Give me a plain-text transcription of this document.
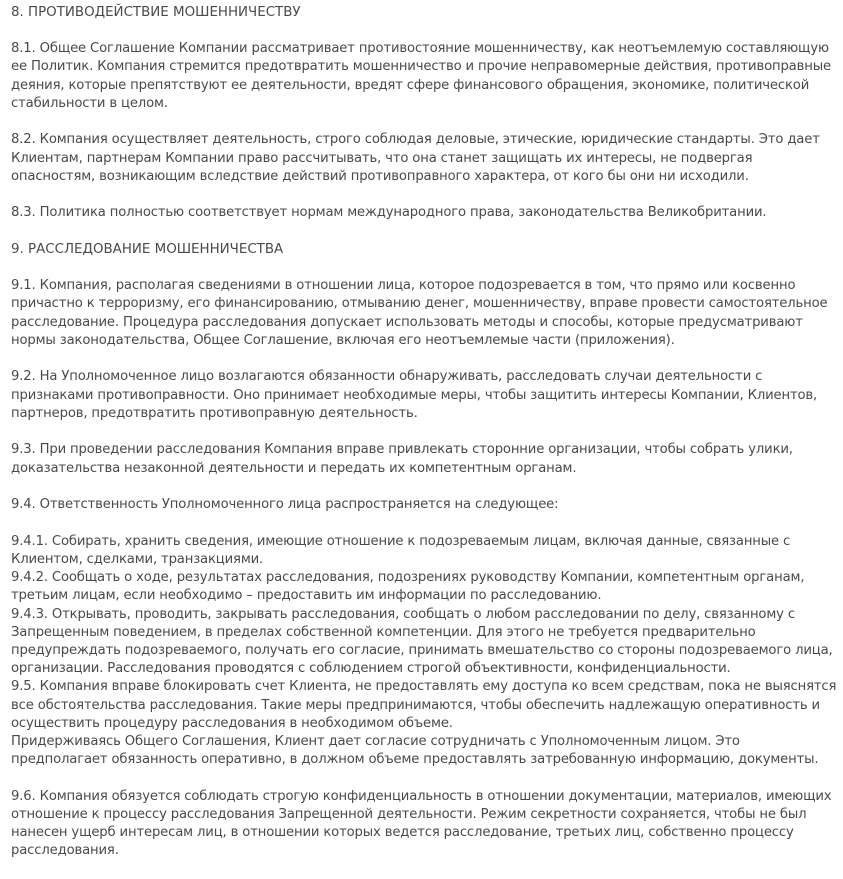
8. ПРОТИВОДЕЙСТВИЕ МОШЕННИЧЕСТВУ
8.1. Общее Соглашение Компании рассматривает противостояние мошенничеству, как неотъемлемую составляющую ее Политик. Компания стремится предотвратить мошенничество и прочие неправомерные действия, противоправные деяния, которые препятствуют ее деятельности, вредят сфере финансового обращения, экономике, политической стабильности в целом.
8.2. Компания осуществляет деятельность, строго соблюдая деловые, этические, юридические стандарты. Это дает Клиентам, партнерам Компании право рассчитывать, что она станет защищать их интересы, не подвергая опасностям, возникающим вследствие действий противоправного характера, от кого бы они ни исходили.
8.3. Политика полностью соответствует нормам международного права, законодательства Великобритании.
9. РАССЛЕДОВАНИЕ МОШЕННИЧЕСТВА
9.1. Компания, располагая сведениями в отношении лица, которое подозревается в том, что прямо или косвенно причастно к терроризму, его финансированию, отмыванию денег, мошенничеству, вправе провести самостоятельное расследование. Процедура расследования допускает использовать методы и способы, которые предусматривают нормы законодательства, Общее Соглашение, включая его неотъемлемые части (приложения).
9.2. На Уполномоченное лицо возлагаются обязанности обнаруживать, расследовать случаи деятельности с признаками противоправности. Оно принимает необходимые меры, чтобы защитить интересы Компании, Клиентов, партнеров, предотвратить противоправную деятельность.
9.3. При проведении расследования Компания вправе привлекать сторонние организации, чтобы собрать улики, доказательства незаконной деятельности и передать их компетентным органам.
9.4. Ответственность Уполномоченного лица распространяется на следующее:
9.4.1. Собирать, хранить сведения, имеющие отношение к подозреваемым лицам, включая данные, связанные с Клиентом, сделками, транзакциями.
9.4.2. Сообщать о ходе, результатах расследования, подозрениях руководству Компании, компетентным органам, третьим лицам, если необходимо – предоставить им информации по расследованию.
9.4.3. Открывать, проводить, закрывать расследования, сообщать о любом расследовании по делу, связанному с Запрещенным поведением, в пределах собственной компетенции. Для этого не требуется предварительно предупреждать подозреваемого, получать его согласие, принимать вмешательство со стороны подозреваемого лица, организации. Расследования проводятся с соблюдением строгой объективности, конфиденциальности.
9.5. Компания вправе блокировать счет Клиента, не предоставлять ему доступа ко всем средствам, пока не выяснятся все обстоятельства расследования. Такие меры предпринимаются, чтобы обеспечить надлежащую оперативность и осуществить процедуру расследования в необходимом объеме.
Придерживаясь Общего Соглашения, Клиент дает согласие сотрудничать с Уполномоченным лицом. Это предполагает обязанность оперативно, в должном объеме предоставлять затребованную информацию, документы.
9.6. Компания обязуется соблюдать строгую конфиденциальность в отношении документации, материалов, имеющих отношение к процессу расследования Запрещенной деятельности. Режим секретности сохраняется, чтобы не был нанесен ущерб интересам лиц, в отношении которых ведется расследование, третьих лиц, собственно процессу расследования.
